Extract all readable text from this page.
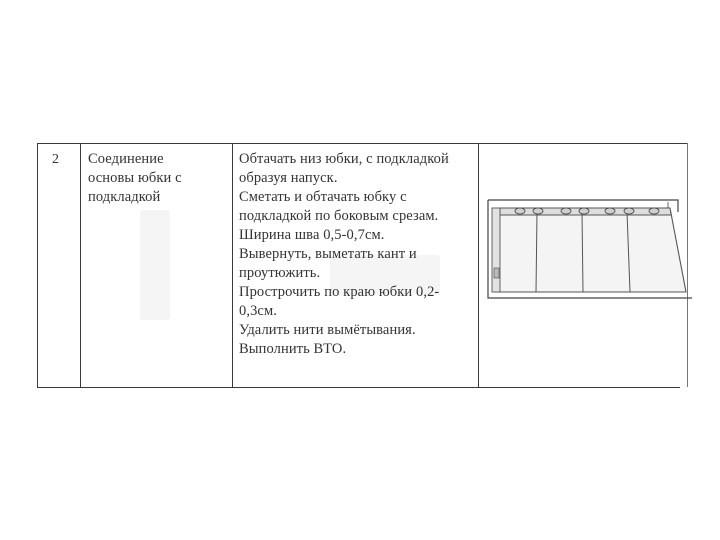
2 Соединение
основы юбки с
подкладкой
Обтачать низ юбки, с подкладкой
образуя напуск.
Сметать и обтачать юбку с
подкладкой по боковым срезам.
Ширина шва 0,5-0,7см.
Вывернуть, выметать кант и
проутюжить.
Прострочить по краю юбки 0,2-
0,3см.
Удалить нити вымётывания.
Выполнить ВТО.
